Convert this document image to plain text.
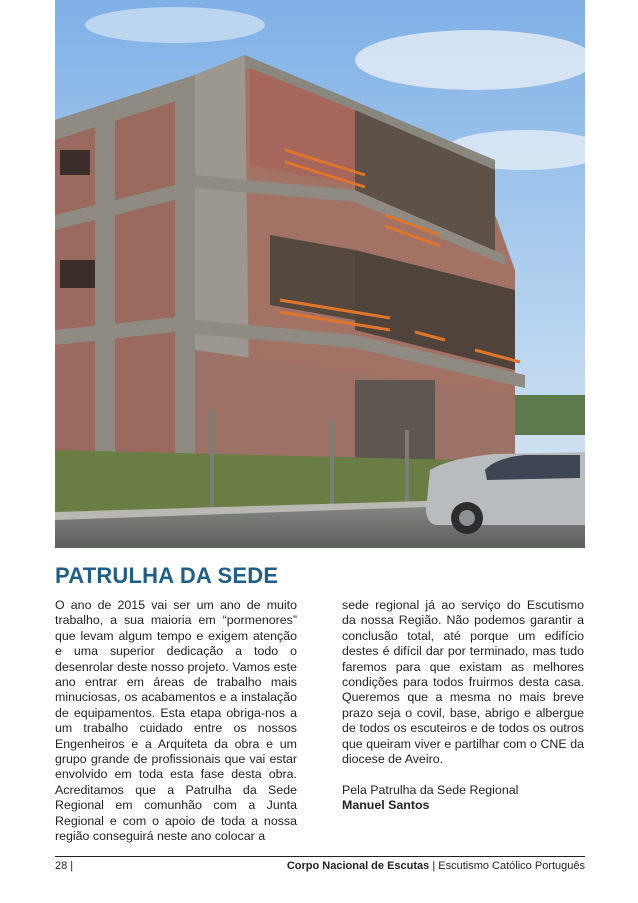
PATRULHA DA SEDE

O ano de 2015 vai ser um ano de muito trabalho, a sua maioria em “pormenores” que levam algum tempo e exigem atenção e uma superior dedicação a todo o desenrolar deste nosso projeto. Vamos este ano entrar em áreas de trabalho mais minuciosas, os acabamentos e a instalação de equipamentos. Esta etapa obriga-nos a um trabalho cuidado entre os nossos Engenheiros e a Arquiteta da obra e um grupo grande de profissionais que vai estar envolvido em toda esta fase desta obra. Acreditamos que a Patrulha da Sede Regional em comunhão com a Junta Regional e com o apoio de toda a nossa região conseguirá neste ano colocar a

sede regional já ao serviço do Escutismo da nossa Região. Não podemos garantir a conclusão total, até porque um edifício destes é difícil dar por terminado, mas tudo faremos para que existam as melhores condições para todos fruirmos desta casa. Queremos que a mesma no mais breve prazo seja o covil, base, abrigo e albergue de todos os escuteiros e de todos os outros que queiram viver e partilhar com o CNE da diocese de Aveiro.

Pela Patrulha da Sede Regional

Manuel Santos

28 |	Corpo Nacional de Escutas | Escutismo Católico Português
